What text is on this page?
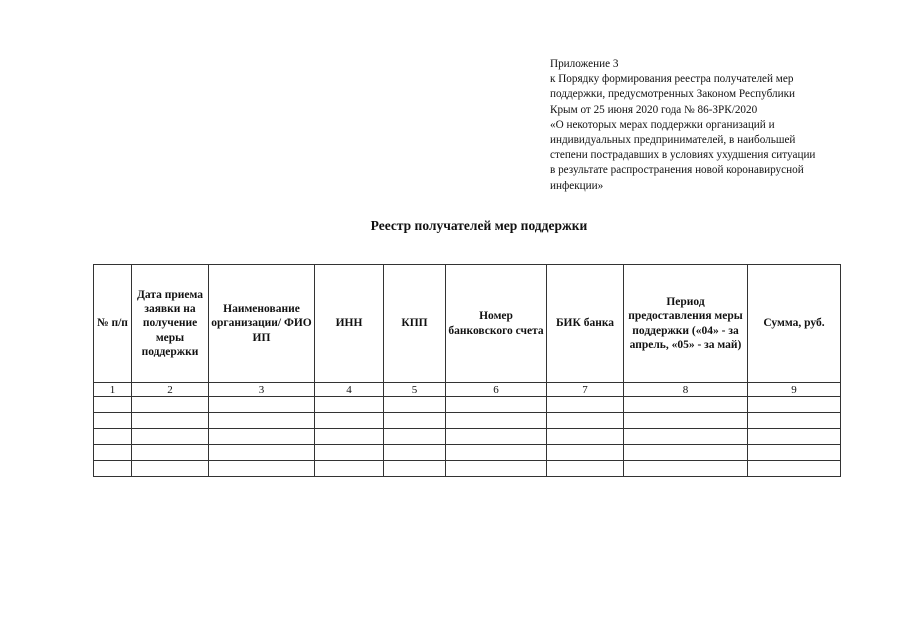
Приложение 3
к Порядку формирования реестра получателей мер
поддержки, предусмотренных Законом Республики
Крым от 25 июня 2020 года № 86-ЗРК/2020
«О некоторых мерах поддержки организаций и
индивидуальных предпринимателей, в наибольшей
степени пострадавших в условиях ухудшения ситуации
в результате распространения новой коронавирусной
инфекции»
Реестр получателей мер поддержки
№ п/п	Дата приема заявки на получение меры поддержки	Наименование организации/ ФИО ИП	ИНН	КПП	Номер банковского счета	БИК банка	Период предоставления меры поддержки («04» - за апрель, «05» - за май)	Сумма, руб.
1	2	3	4	5	6	7	8	9
